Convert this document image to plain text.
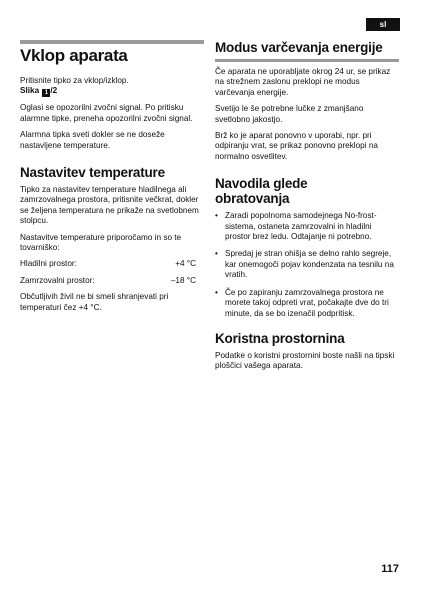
sl
Vklop aparata
Pritisnite tipko za vklop/izklop.
Slika 1 /2
Oglasi se opozorilni zvočni signal. Po pritisku alarmne tipke, preneha opozorilni zvočni signal.
Alarmna tipka sveti dokler se ne doseže nastavljene temperature.
Nastavitev temperature
Tipko za nastavitev temperature hladilnega ali zamrzovalnega prostora, pritisnite večkrat, dokler se željena temperatura ne prikaže na svetlobnem stolpcu.
Nastavitve temperature priporočamo in so te tovarniško:
Hladilni prostor:	+4 °C
Zamrzovalni prostor:	–18 °C
Občutljivih živil ne bi smeli shranjevati pri temperaturi čez +4 °C.
Modus varčevanja energije
Če aparata ne uporabljate okrog 24 ur, se prikaz na strežnem zaslonu preklopi ne modus varčevanja energije.
Svetijo le še potrebne lučke z zmanjšano svetlobno jakostjo.
Brž ko je aparat ponovno v uporabi, npr. pri odpiranju vrat, se prikaz ponovno preklopi na normalno osvetlitev.
Navodila glede obratovanja
• Zaradi popolnoma samodejnega No-frost-sistema, ostaneta zamrzovalni in hladilni prostor brez ledu. Odtajanje ni potrebno.
• Spredaj je stran ohišja se delno rahlo segreje, kar onemogoči pojav kondenzata na tesnilu na vratih.
• Če po zapiranju zamrzovalnega prostora ne morete takoj odpreti vrat, počakajte dve do tri minute, da se bo izenačil podpritisk.
Koristna prostornina
Podatke o koristni prostornini boste našli na tipski ploščici vašega aparata.
117
